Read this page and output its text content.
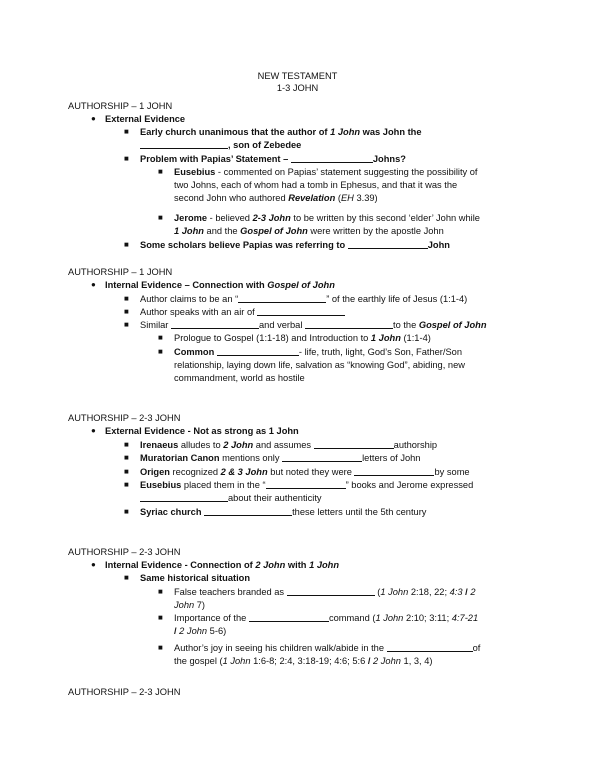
NEW TESTAMENT
1-3 JOHN
AUTHORSHIP – 1 JOHN
● External Evidence
■ Early church unanimous that the author of 1 John was John the
, son of Zebedee
■ Problem with Papias’ Statement –	Johns?
■ Eusebius - commented on Papias’ statement suggesting the possibility of
two Johns, each of whom had a tomb in Ephesus, and that it was the
second John who authored Revelation (EH 3.39)
■ Jerome - believed 2-3 John to be written by this second ‘elder’ John while
1 John and the Gospel of John were written by the apostle John
■ Some scholars believe Papias was referring to	John
AUTHORSHIP – 1 JOHN
● Internal Evidence – Connection with Gospel of John
■ Author claims to be an “	” of the earthly life of Jesus (1:1-4)
■ Author speaks with an air of
■ Similar	and verbal	to the Gospel of John
■ Prologue to Gospel (1:1-18) and Introduction to 1 John (1:1-4)
■ Common	- life, truth, light, God’s Son, Father/Son
relationship, laying down life, salvation as “knowing God”, abiding, new
commandment, world as hostile
AUTHORSHIP – 2-3 JOHN
● External Evidence - Not as strong as 1 John
■ Irenaeus alludes to 2 John and assumes	authorship
■ Muratorian Canon mentions only	letters of John
■ Origen recognized 2 & 3 John but noted they were	by some
■ Eusebius placed them in the “	” books and Jerome expressed
about their authenticity
■ Syriac church	these letters until the 5th century
AUTHORSHIP – 2-3 JOHN
● Internal Evidence - Connection of 2 John with 1 John
■ Same historical situation
■ False teachers branded as	(1 John 2:18, 22; 4:3 / 2
John 7)
■ Importance of the	command (1 John 2:10; 3:11; 4:7-21
/ 2 John 5-6)
■ Author’s joy in seeing his children walk/abide in the	of
the gospel (1 John 1:6-8; 2:4, 3:18-19; 4:6; 5:6 / 2 John 1, 3, 4)
AUTHORSHIP – 2-3 JOHN
